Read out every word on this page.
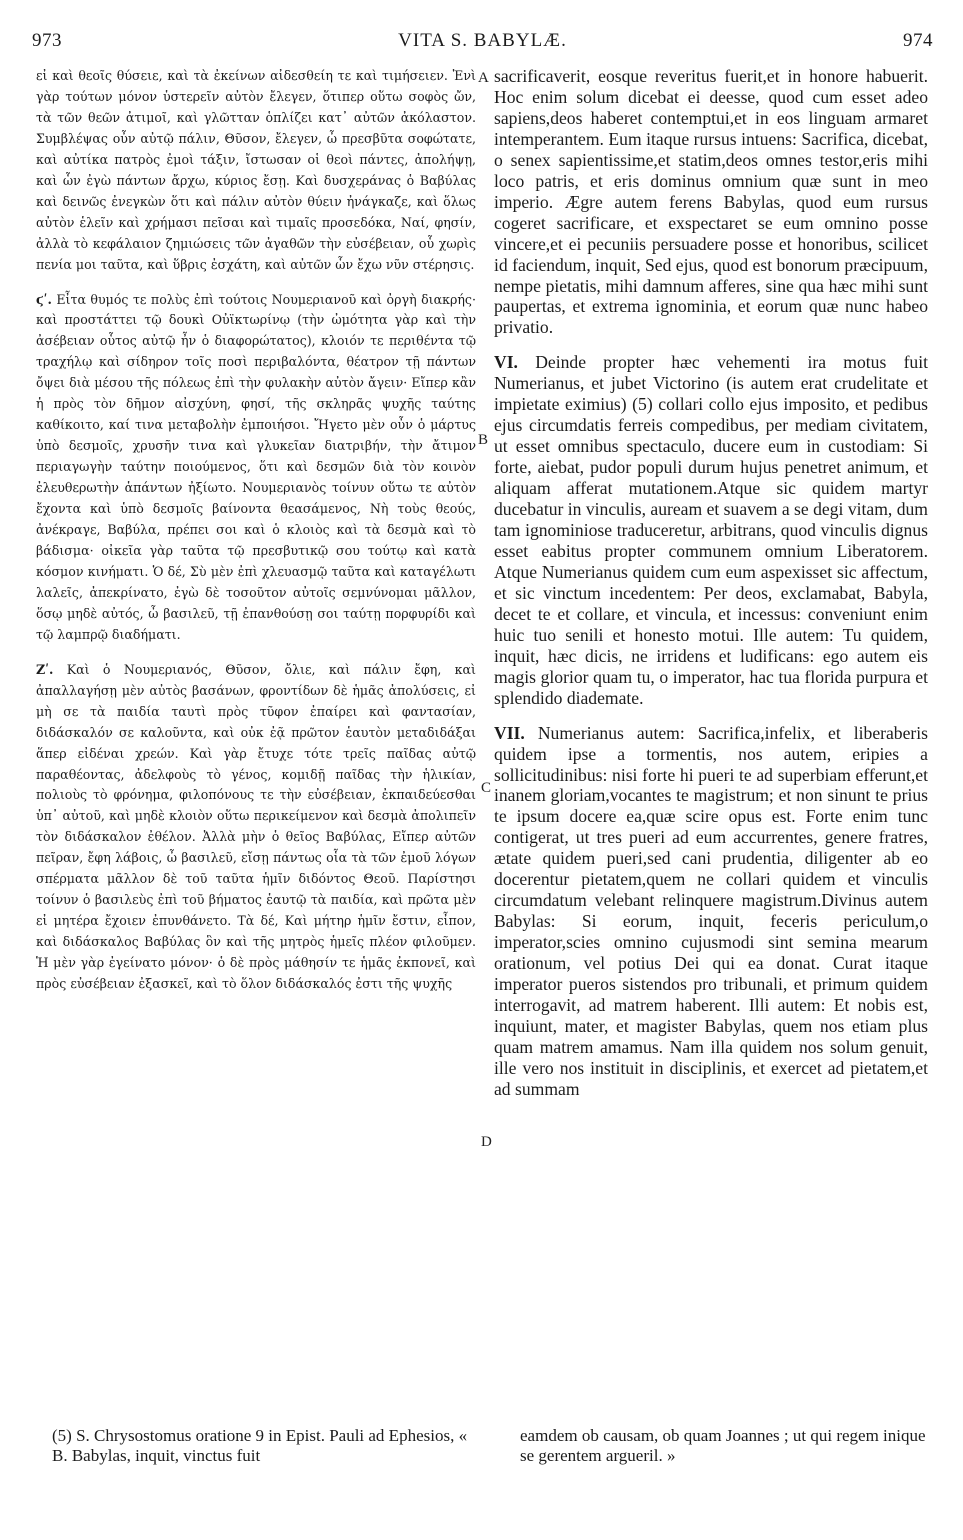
973	VITA S. BABYLÆ.	974

εἰ καὶ θεοῖς θύσειε, καὶ τὰ ἐκείνων αἰδεσθείη τε καὶ τιμήσειεν. Ἐνὶ γὰρ τούτων μόνον ὑστερεῖν αὐτὸν ἔλεγεν, ὅτιπερ οὕτω σοφὸς ὤν, τὰ τῶν θεῶν ἀτιμοῖ, καὶ γλῶτταν ὁπλίζει κατ᾽ αὐτῶν ἀκόλαστον. Συμβλέψας οὖν αὐτῷ πάλιν, Θῦσον, ἔλεγεν, ὦ πρεσβῦτα σοφώτατε, καὶ αὐτίκα πατρὸς ἐμοὶ τάξιν, ἴστωσαν οἱ θεοὶ πάντες, ἀπολήψῃ, καὶ ὧν ἐγὼ πάντων ἄρχω, κύριος ἔσῃ. Καὶ δυσχεράνας ὁ Βαβύλας καὶ δεινῶς ἐνεγκὼν ὅτι καὶ πάλιν αὐτὸν θύειν ἠνάγκαζε, καὶ ὅλως αὐτὸν ἑλεῖν καὶ χρήμασι πεῖσαι καὶ τιμαῖς προσεδόκα, Ναί, φησίν, ἀλλὰ τὸ κεφάλαιον ζημιώσεις τῶν ἀγαθῶν τὴν εὐσέβειαν, οὗ χωρὶς πενία μοι ταῦτα, καὶ ὕβρις ἐσχάτη, καὶ αὐτῶν ὧν ἔχω νῦν στέρησις.

ϛʹ. Εἶτα θυμός τε πολὺς ἐπὶ τούτοις Νουμεριανοῦ καὶ ὀργὴ διακρής· καὶ προστάττει τῷ δουκὶ Οὐϊκτωρίνῳ (τὴν ὠμότητα γὰρ καὶ τὴν ἀσέβειαν οὗτος αὐτῷ ἦν ὁ διαφορώτατος), κλοιόν τε περιθέντα τῷ τραχήλῳ καὶ σίδηρον τοῖς ποσὶ περιβαλόντα, θέατρον τῇ πάντων ὄψει διὰ μέσου τῆς πόλεως ἐπὶ τὴν φυλακὴν αὐτὸν ἄγειν· Εἴπερ κἂν ἡ πρὸς τὸν δῆμον αἰσχύνη, φησί, τῆς σκληρᾶς ψυχῆς ταύτης καθίκοιτο, καί τινα μεταβολὴν ἐμποιήσοι. Ἤγετο μὲν οὖν ὁ μάρτυς ὑπὸ δεσμοῖς, χρυσῆν τινα καὶ γλυκεῖαν διατριβήν, τὴν ἄτιμον περιαγωγὴν ταύτην ποιούμενος, ὅτι καὶ δεσμῶν διὰ τὸν κοινὸν ἐλευθερωτὴν ἁπάντων ἠξίωτο. Νουμεριανὸς τοίνυν οὕτω τε αὐτὸν ἔχοντα καὶ ὑπὸ δεσμοῖς βαίνοντα θεασάμενος, Νὴ τοὺς θεούς, ἀνέκραγε, Βαβύλα, πρέπει σοι καὶ ὁ κλοιὸς καὶ τὰ δεσμὰ καὶ τὸ βάδισμα· οἰκεῖα γὰρ ταῦτα τῷ πρεσβυτικῷ σου τούτῳ καὶ κατὰ κόσμον κινήματι. Ὁ δέ, Σὺ μὲν ἐπὶ χλευασμῷ ταῦτα καὶ καταγέλωτι λαλεῖς, ἀπεκρίνατο, ἐγὼ δὲ τοσοῦτον αὐτοῖς σεμνύνομαι μᾶλλον, ὅσῳ μηδὲ αὐτός, ὦ βασιλεῦ, τῇ ἐπανθούσῃ σοι ταύτῃ πορφυρίδι καὶ τῷ λαμπρῷ διαδήματι.

Ζʹ. Καὶ ὁ Νουμεριανός, Θῦσον, ὄλιε, καὶ πάλιν ἔφη, καὶ ἀπαλλαγήσῃ μὲν αὐτὸς βασάνων, φροντίδων δὲ ἡμᾶς ἀπολύσεις, εἰ μὴ σε τὰ παιδία ταυτὶ πρὸς τῦφον ἐπαίρει καὶ φαντασίαν, διδάσκαλόν σε καλοῦντα, καὶ οὐκ ἐᾷ πρῶτον ἑαυτὸν μεταδιδάξαι ἅπερ εἰδέναι χρεών. Καὶ γὰρ ἔτυχε τότε τρεῖς παῖδας αὐτῷ παραθέοντας, ἀδελφοὺς τὸ γένος, κομιδῇ παῖδας τὴν ἡλικίαν, πολιοὺς τὸ φρόνημα, φιλοπόνους τε τὴν εὐσέβειαν, ἐκπαιδεύεσθαι ὑπ᾽ αὐτοῦ, καὶ μηδὲ κλοιὸν οὕτω περικείμενον καὶ δεσμὰ ἀπολιπεῖν τὸν διδάσκαλον ἐθέλον. Ἀλλὰ μὴν ὁ θεῖος Βαβύλας, Εἴπερ αὐτῶν πεῖραν, ἔφη λάβοις, ὦ βασιλεῦ, εἴσῃ πάντως οἷα τὰ τῶν ἐμοῦ λόγων σπέρματα μᾶλλον δὲ τοῦ ταῦτα ἡμῖν διδόντος Θεοῦ. Παρίστησι τοίνυν ὁ βασιλεὺς ἐπὶ τοῦ βήματος ἑαυτῷ τὰ παιδία, καὶ πρῶτα μὲν εἰ μητέρα ἔχοιεν ἐπυνθάνετο. Τὰ δέ, Καὶ μήτηρ ἡμῖν ἔστιν, εἶπον, καὶ διδάσκαλος Βαβύλας ὃν καὶ τῆς μητρὸς ἡμεῖς πλέον φιλοῦμεν. Ἡ μὲν γὰρ ἐγείνατο μόνον· ὁ δὲ πρὸς μάθησίν τε ἡμᾶς ἐκπονεῖ, καὶ πρὸς εὐσέβειαν ἐξασκεῖ, καὶ τὸ ὅλον διδάσκαλός ἐστι τῆς ψυχῆς

A
B
C
D

sacrificaverit, eosque reveritus fuerit,et in honore habuerit. Hoc enim solum dicebat ei deesse, quod cum esset adeo sapiens,deos haberet contemptui,et in eos linguam armaret intemperantem. Eum itaque rursus intuens: Sacrifica, dicebat, o senex sapientissime,et statim,deos omnes testor,eris mihi loco patris, et eris dominus omnium quæ sunt in meo imperio. Ægre autem ferens Babylas, quod eum rursus cogeret sacrificare, et exspectaret se eum omnino posse vincere,et ei pecuniis persuadere posse et honoribus, scilicet id faciendum, inquit, Sed ejus, quod est bonorum præcipuum, nempe pietatis, mihi damnum afferes, sine qua hæc mihi sunt paupertas, et extrema ignominia, et eorum quæ nunc habeo privatio.

VI. Deinde propter hæc vehementi ira motus fuit Numerianus, et jubet Victorino (is autem erat crudelitate et impietate eximius) (5) collari collo ejus imposito, et pedibus ejus circumdatis ferreis compedibus, per mediam civitatem, ut esset omnibus spectaculo, ducere eum in custodiam: Si forte, aiebat, pudor populi durum hujus penetret animum, et aliquam afferat mutationem.Atque sic quidem martyr ducebatur in vinculis, auream et suavem a se degi vitam, dum tam ignominiose traduceretur, arbitrans, quod vinculis dignus esset eabitus propter communem omnium Liberatorem. Atque Numerianus quidem cum eum aspexisset sic affectum, et sic vinctum incedentem: Per deos, exclamabat, Babyla, decet te et collare, et vincula, et incessus: conveniunt enim huic tuo senili et honesto motui. Ille autem: Tu quidem, inquit, hæc dicis, ne irridens et ludificans: ego autem eis magis glorior quam tu, o imperator, hac tua florida purpura et splendido diademate.

VII. Numerianus autem: Sacrifica,infelix, et liberaberis quidem ipse a tormentis, nos autem, eripies a sollicitudinibus: nisi forte hi pueri te ad superbiam efferunt,et inanem gloriam,vocantes te magistrum; et non sinunt te prius te ipsum docere ea,quæ scire opus est. Forte enim tunc contigerat, ut tres pueri ad eum accurrentes, genere fratres, ætate quidem pueri,sed cani prudentia, diligenter ab eo docerentur pietatem,quem ne collari quidem et vinculis circumdatum velebant relinquere magistrum.Divinus autem Babylas: Si eorum, inquit, feceris periculum,o imperator,scies omnino cujusmodi sint semina mearum orationum, vel potius Dei qui ea donat. Curat itaque imperator pueros sistendos pro tribunali, et primum quidem interrogavit, ad matrem haberent. Illi autem: Et nobis est, inquiunt, mater, et magister Babylas, quem nos etiam plus quam matrem amamus. Nam illa quidem nos solum genuit, ille vero nos instituit in disciplinis, et exercet ad pietatem,et ad summam

(5) S. Chrysostomus oratione 9 in Epist. Pauli ad Ephesios, « B. Babylas, inquit, vinctus fuit
eamdem ob causam, ob quam Joannes ; ut qui regem inique se gerentem argueril. »
